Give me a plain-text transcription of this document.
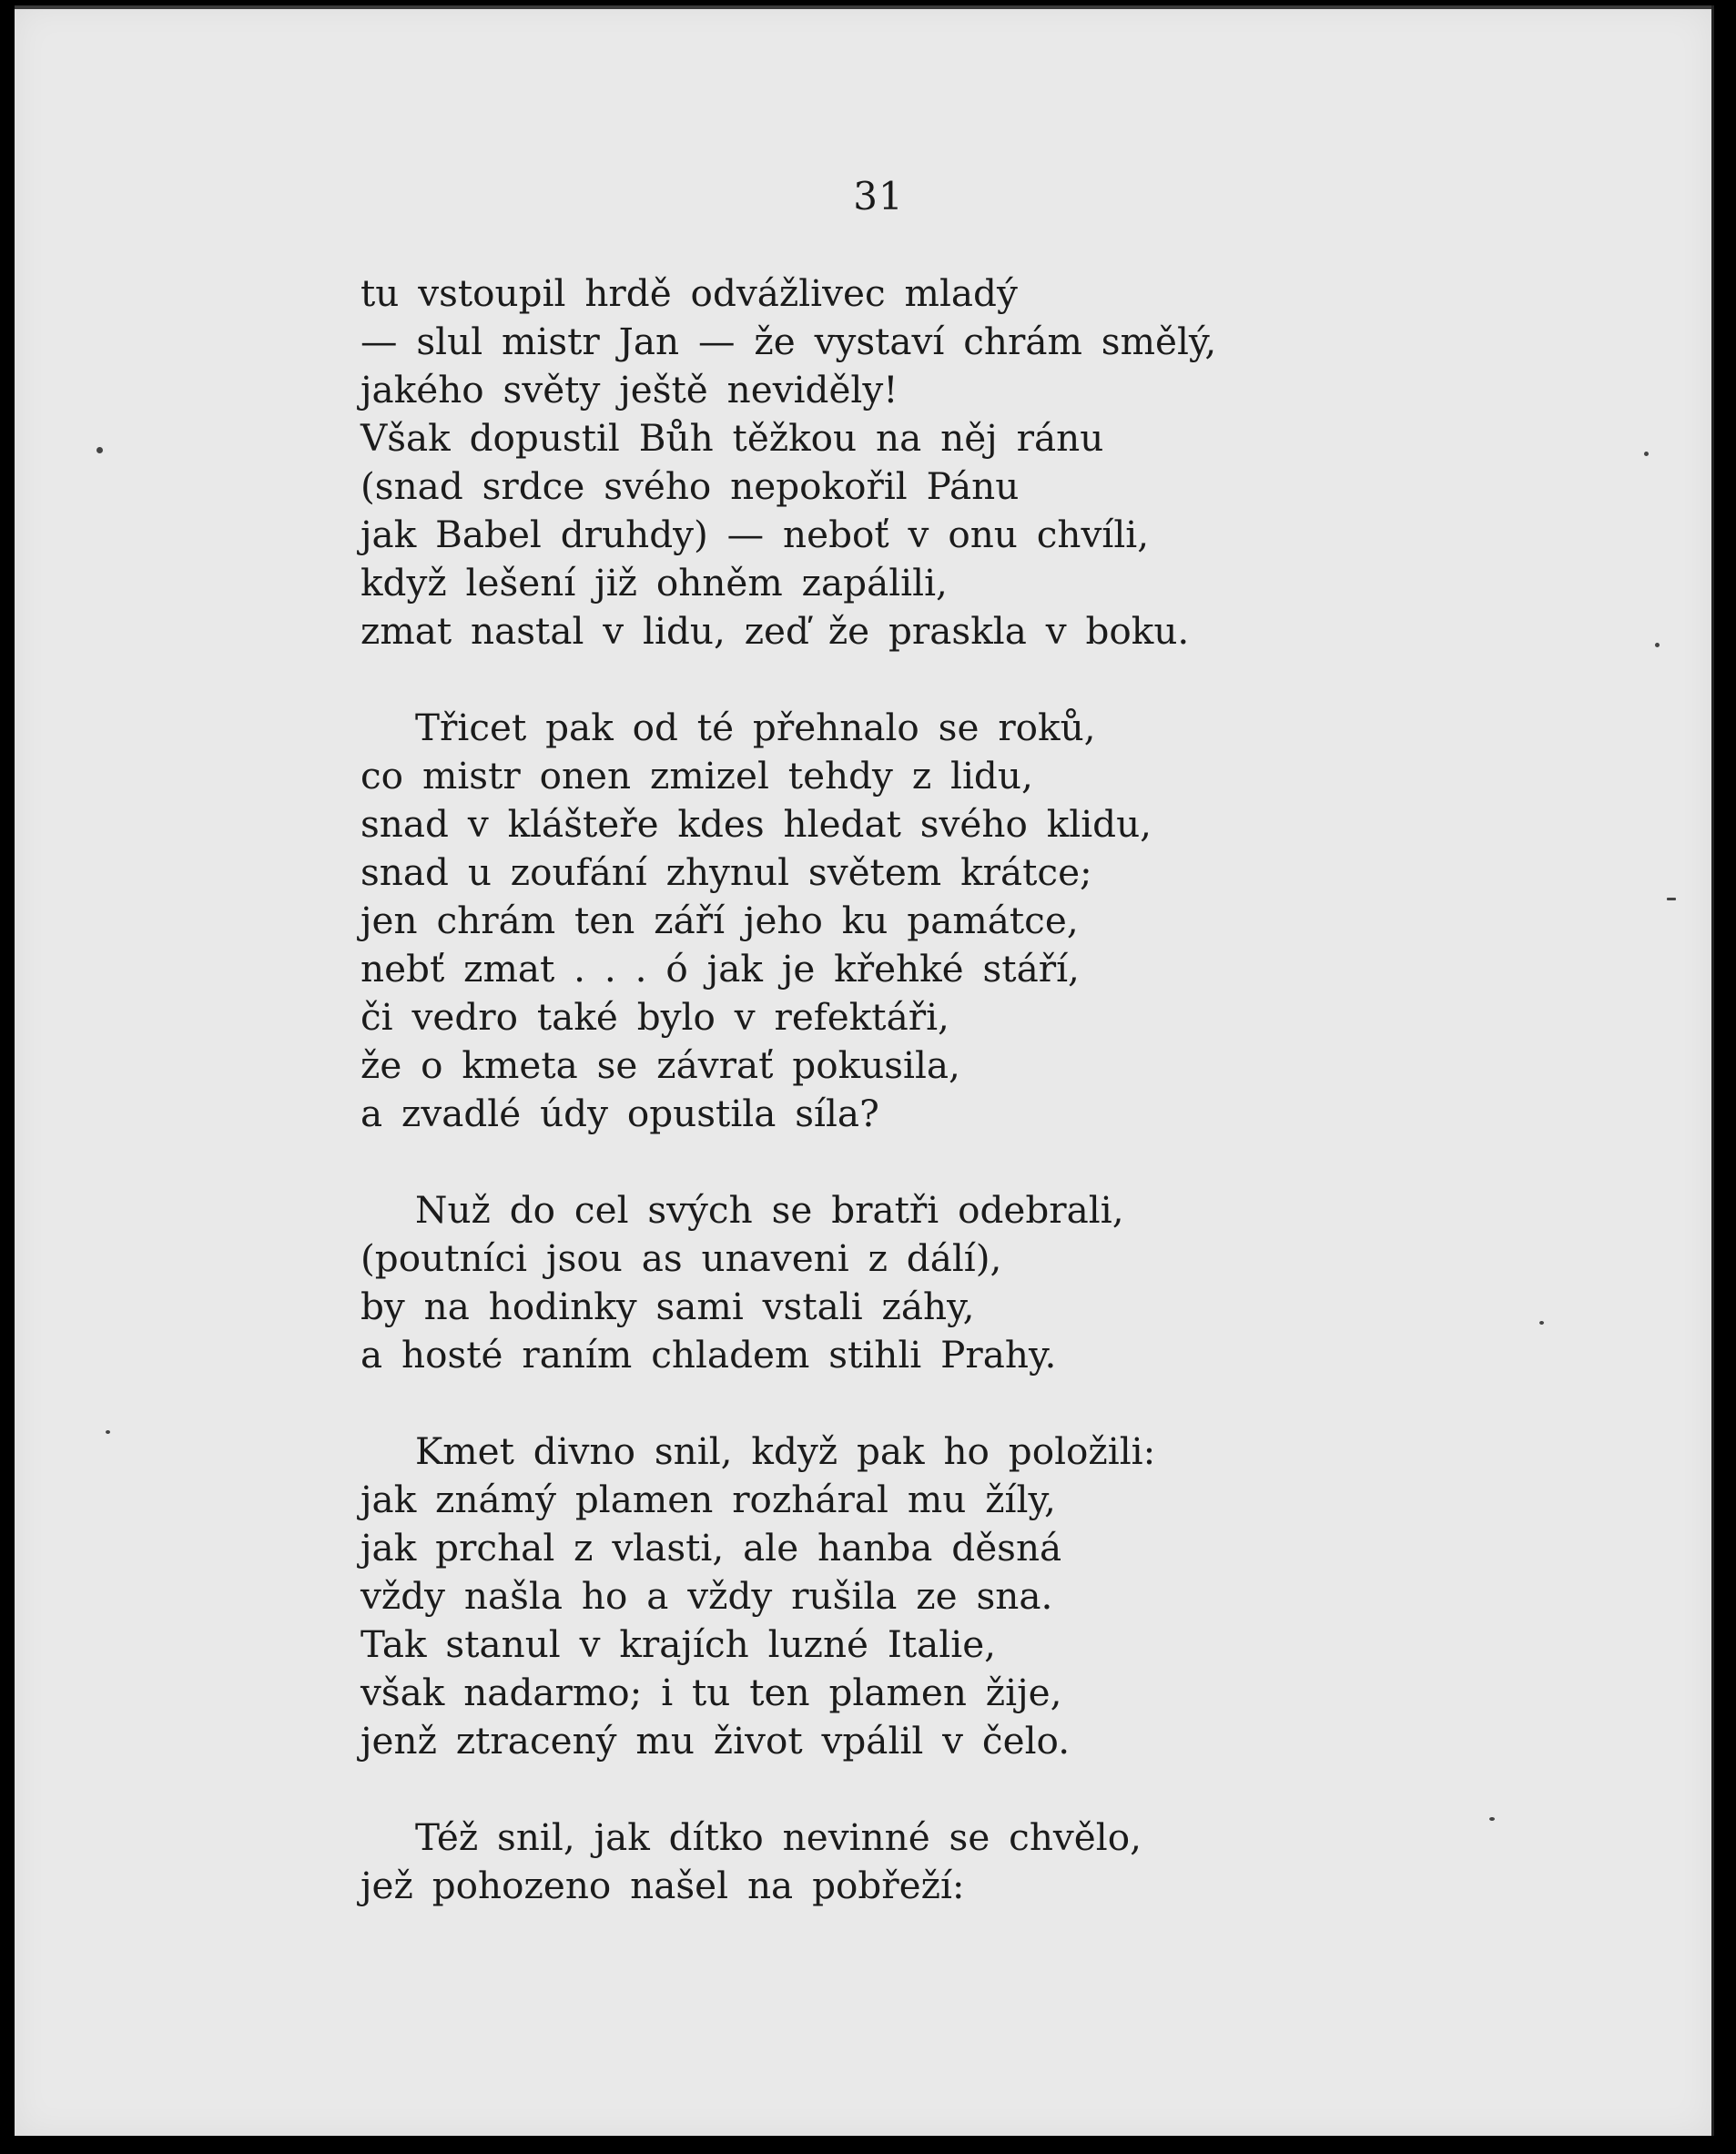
31
tu vstoupil hrdě odvážlivec mladý
— slul mistr Jan — že vystaví chrám smělý,
jakého světy ještě neviděly!
Však dopustil Bůh těžkou na něj ránu
(snad srdce svého nepokořil Pánu
jak Babel druhdy) — neboť v onu chvíli,
když lešení již ohněm zapálili,
zmat nastal v lidu, zeď že praskla v boku.
Třicet pak od té přehnalo se roků,
co mistr onen zmizel tehdy z lidu,
snad v klášteře kdes hledat svého klidu,
snad u zoufání zhynul světem krátce;
jen chrám ten září jeho ku památce,
nebť zmat . . . ó jak je křehké stáří,
či vedro také bylo v refektáři,
že o kmeta se závrať pokusila,
a zvadlé údy opustila síla?
Nuž do cel svých se bratři odebrali,
(poutníci jsou as unaveni z dálí),
by na hodinky sami vstali záhy,
a hosté raním chladem stihli Prahy.
Kmet divno snil, když pak ho položili:
jak známý plamen rozháral mu žíly,
jak prchal z vlasti, ale hanba děsná
vždy našla ho a vždy rušila ze sna.
Tak stanul v krajích luzné Italie,
však nadarmo; i tu ten plamen žije,
jenž ztracený mu život vpálil v čelo.
Též snil, jak dítko nevinné se chvělo,
jež pohozeno našel na pobřeží:
